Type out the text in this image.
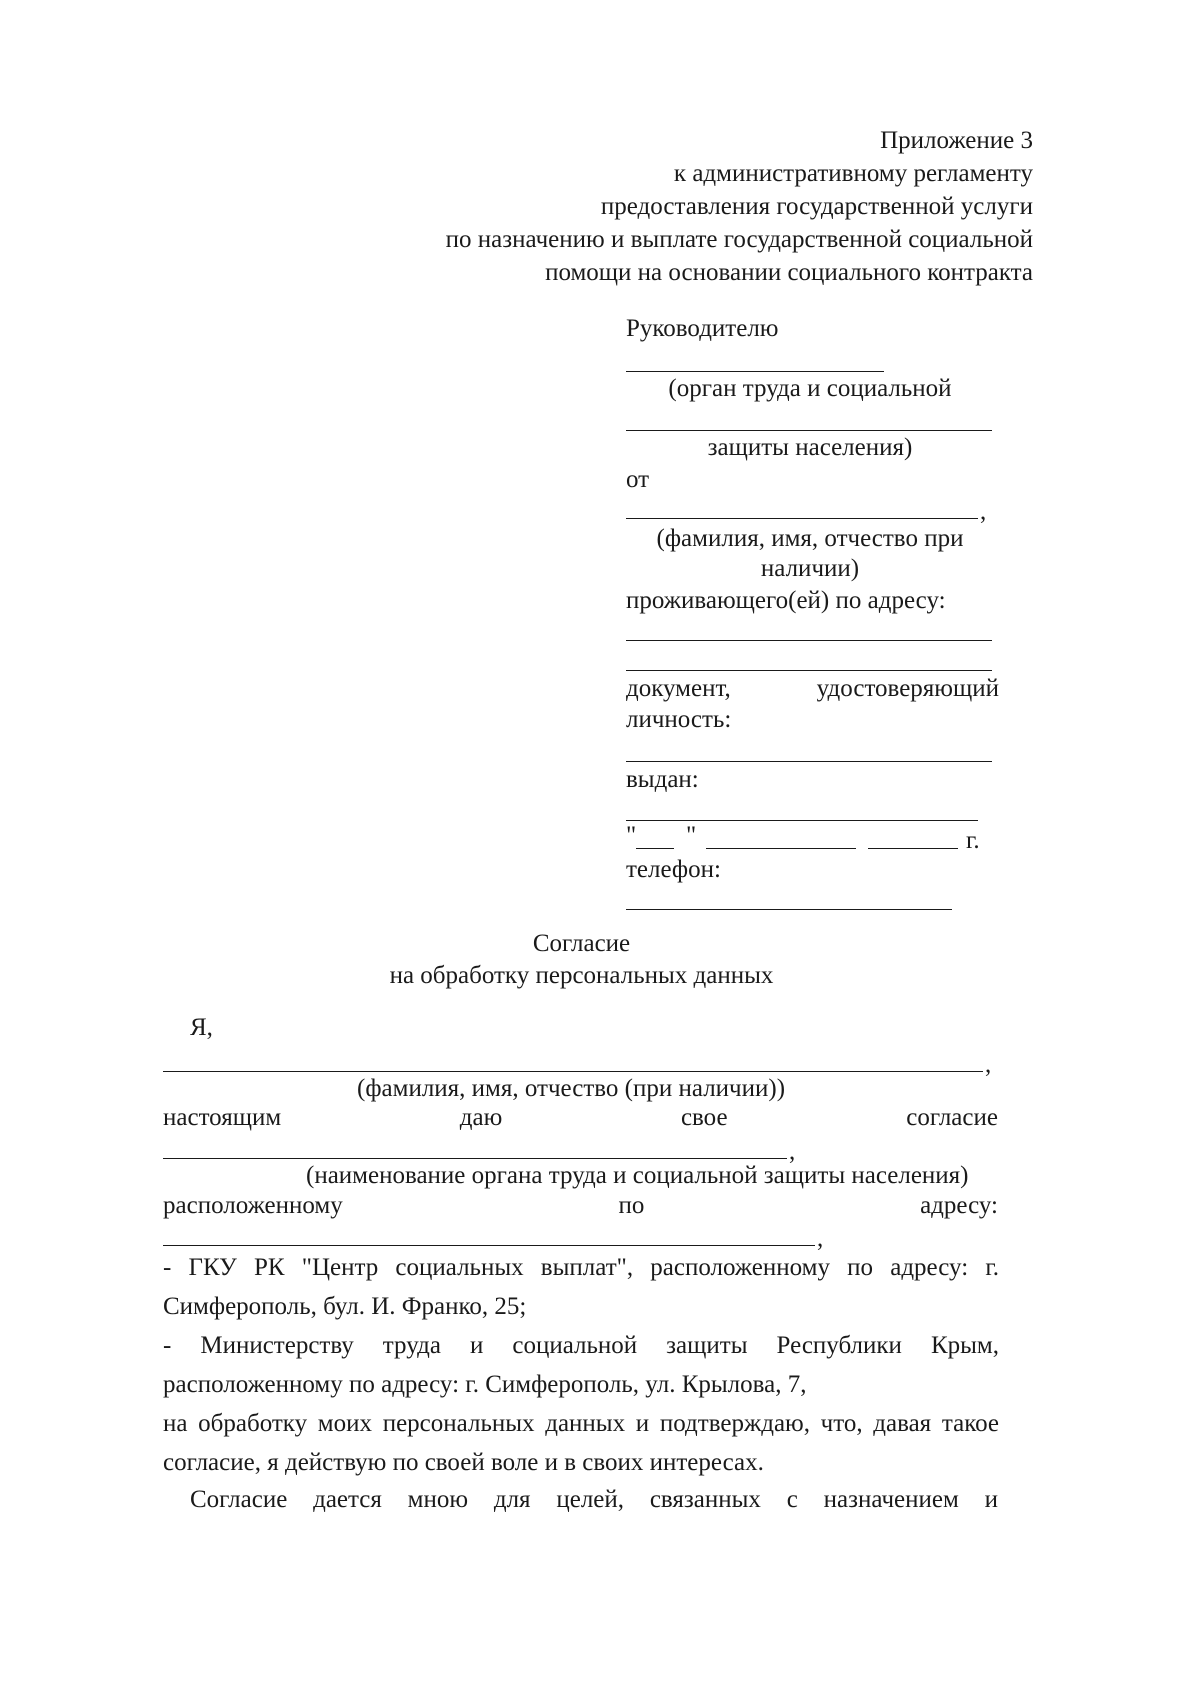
Приложение 3
к административному регламенту
предоставления государственной услуги
по назначению и выплате государственной социальной
помощи на основании социального контракта
Руководителю
(орган труда и социальной
защиты населения)
от
,
(фамилия, имя, отчество при
наличии)
проживающего(ей) по адресу:
документ,	удостоверяющий
личность:
выдан:
" "	г.
телефон:
Согласие
на обработку персональных данных
Я,
,
(фамилия, имя, отчество (при наличии))
настоящим	даю	свое	согласие
,
(наименование органа труда и социальной защиты населения)
расположенному	по	адресу:
,
- ГКУ РК "Центр социальных выплат", расположенному по адресу: г.
Симферополь, бул. И. Франко, 25;
- Министерству труда и социальной защиты Республики Крым,
расположенному по адресу: г. Симферополь, ул. Крылова, 7,
на обработку моих персональных данных и подтверждаю, что, давая такое
согласие, я действую по своей воле и в своих интересах.
Согласие дается мною для целей, связанных с назначением и
